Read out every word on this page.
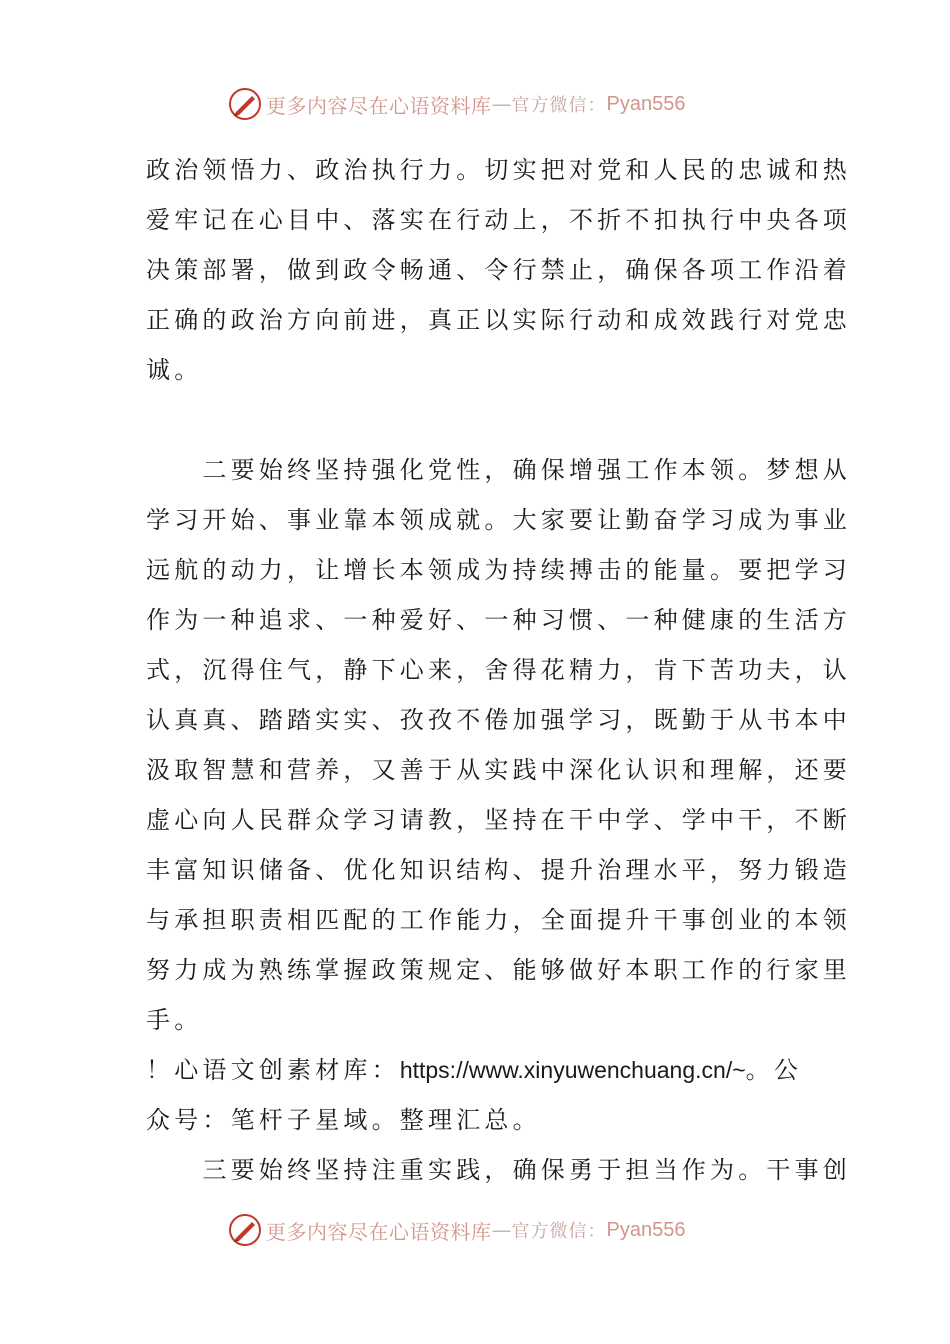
更多内容尽在心语资料库 — 官方微信： Pyan556
政治领悟力、政治执行力。切实把对党和人民的忠诚和热
爱牢记在心目中、落实在行动上，不折不扣执行中央各项
决策部署，做到政令畅通、令行禁止，确保各项工作沿着
正确的政治方向前进，真正以实际行动和成效践行对党忠
诚。
　　二要始终坚持强化党性，确保增强工作本领。梦想从
学习开始、事业靠本领成就。大家要让勤奋学习成为事业
远航的动力，让增长本领成为持续搏击的能量。要把学习
作为一种追求、一种爱好、一种习惯、一种健康的生活方
式，沉得住气，静下心来，舍得花精力，肯下苦功夫，认
认真真、踏踏实实、孜孜不倦加强学习，既勤于从书本中
汲取智慧和营养，又善于从实践中深化认识和理解，还要
虚心向人民群众学习请教，坚持在干中学、学中干，不断
丰富知识储备、优化知识结构、提升治理水平，努力锻造
与承担职责相匹配的工作能力，全面提升干事创业的本领
努力成为熟练掌握政策规定、能够做好本职工作的行家里
手。
！心语文创素材库：https://www.xinyuwenchuang.cn/~。公
众号：笔杆子星域。整理汇总。
　　三要始终坚持注重实践，确保勇于担当作为。干事创
更多内容尽在心语资料库 — 官方微信： Pyan556
